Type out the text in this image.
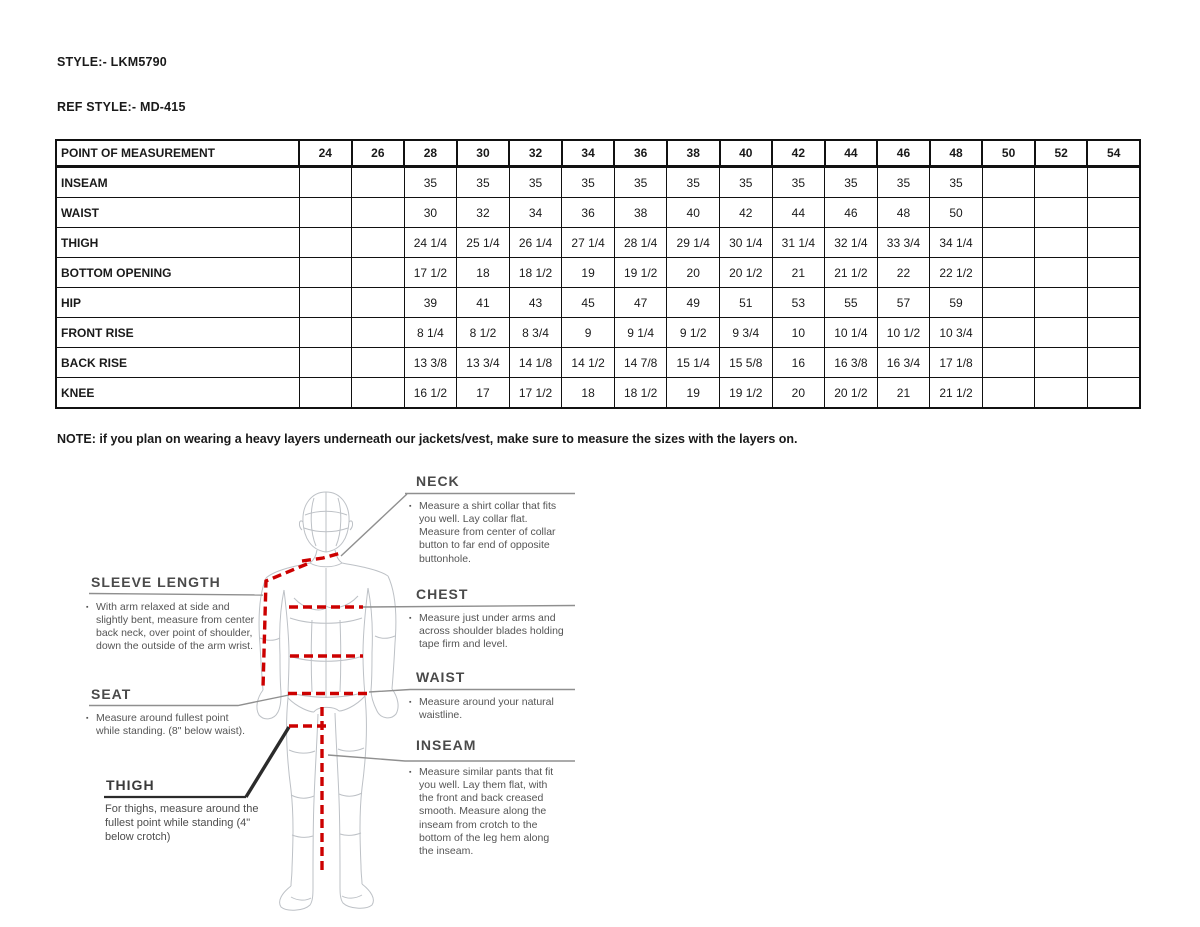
STYLE:- LKM5790
REF STYLE:- MD-415
POINT OF MEASUREMENT	24	26	28	30	32	34	36	38	40	42	44	46	48	50	52	54
INSEAM			35	35	35	35	35	35	35	35	35	35	35			
WAIST			30	32	34	36	38	40	42	44	46	48	50			
THIGH			24 1/4	25 1/4	26 1/4	27 1/4	28 1/4	29 1/4	30 1/4	31 1/4	32 1/4	33 3/4	34 1/4			
BOTTOM OPENING			17 1/2	18	18 1/2	19	19 1/2	20	20 1/2	21	21 1/2	22	22 1/2			
HIP			39	41	43	45	47	49	51	53	55	57	59			
FRONT RISE			8 1/4	8 1/2	8 3/4	9	9 1/4	9 1/2	9 3/4	10	10 1/4	10 1/2	10 3/4			
BACK RISE			13 3/8	13 3/4	14 1/8	14 1/2	14 7/8	15 1/4	15 5/8	16	16 3/8	16 3/4	17 1/8			
KNEE			16 1/2	17	17 1/2	18	18 1/2	19	19 1/2	20	20 1/2	21	21 1/2			
NOTE: if you plan on wearing a heavy layers underneath our jackets/vest, make sure to measure the sizes with the layers on.
NECK
▪ Measure a shirt collar that fits you well. Lay collar flat. Measure from center of collar button to far end of opposite buttonhole.
CHEST
▪ Measure just under arms and across shoulder blades holding tape firm and level.
WAIST
▪ Measure around your natural waistline.
INSEAM
▪ Measure similar pants that fit you well. Lay them flat, with the front and back creased smooth. Measure along the inseam from crotch to the bottom of the leg hem along the inseam.
SLEEVE LENGTH
▪ With arm relaxed at side and slightly bent, measure from center back neck, over point of shoulder, down the outside of the arm wrist.
SEAT
▪ Measure around fullest point while standing. (8" below waist).
THIGH
For thighs, measure around the fullest point while standing (4" below crotch)
